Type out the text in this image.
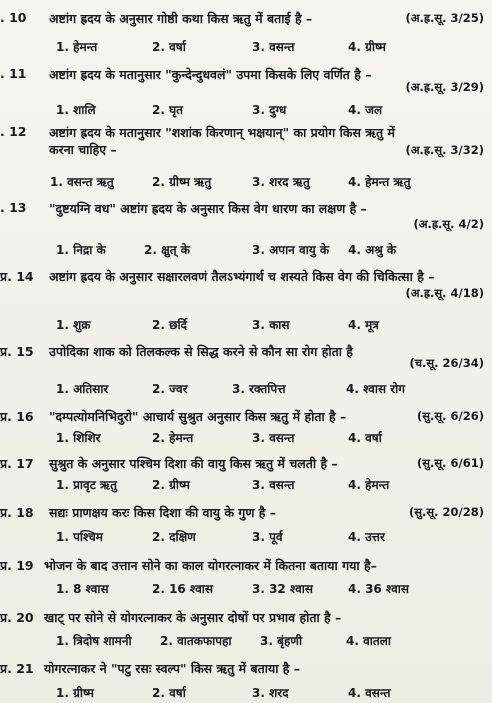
. 10	(अ.ह्र.सू. 3/25)
अष्टांग ह्रदय के अनुसार गोष्ठी कथा किस ऋतु में बताई है –
1. हेमन्त	2. वर्षा	3. वसन्त	4. ग्रीष्म
. 11 अष्टांग ह्रदय के मतानुसार "कुन्देन्दुधवलं" उपमा किसके लिए वर्णित है –
(अ.ह्र.सू. 3/29)
1. शालि	2. घृत	3. दुग्ध	4. जल
. 12 अष्टांग ह्रदय के मतानुसार "शशांक किरणान् भक्षयान्" का प्रयोग किस ऋतु में करना चाहिए –	(अ.ह्र.सू. 3/32)
1. वसन्त ऋतु	2. ग्रीष्म ऋतु	3. शरद ऋतु	4. हेमन्त ऋतु
. 13 "दुष्टयग्नि वध" अष्टांग ह्रदय के अनुसार किस वेग धारण का लक्षण है –
(अ.ह्र.सू. 4/2)
1. निद्रा के	2. क्षुत् के	3. अपान वायु के 4. अश्रु के
प्र. 14 अष्टांग ह्रदय के अनुसार सक्षारलवणं तैलऽभ्यंगार्थ च शस्यते किस वेग की चिकित्सा है –
(अ.ह्र.सू. 4/18)
1. शुक्र	2. छर्दि	3. कास	4. मूत्र
प्र. 15 उपोदिका शाक को तिलकल्क से सिद्ध करने से कौन सा रोग होता है
(च.सू. 26/34)
1. अतिसार	2. ज्वर	3. रक्तपित्त	4. श्वास रोग
प्र. 16	(सु.सू. 6/26)
"दम्पत्योमनिभिदुरो" आचार्य सुश्रुत अनुसार किस ऋतु में होता है –
1. शिशिर	2. हेमन्त	3. वसन्त	4. वर्षा
प्र. 17	(सु.सू. 6/61)
सुश्रुत के अनुसार पश्चिम दिशा की वायु किस ऋतु में चलती है –
1. प्रावृट ऋतु	2. ग्रीष्म	3. वसन्त	4. हेमन्त
प्र. 18	(सु.सू. 20/28)
सद्यः प्राणक्षय करः किस दिशा की वायु के गुण है –
1. पश्चिम	2. दक्षिण	3. पूर्व	4. उत्तर
प्र. 19 भोजन के बाद उत्तान सोने का काल योगरत्नाकर में कितना बताया गया है–
1. 8 श्वास	2. 16 श्वास	3. 32 श्वास	4. 36 श्वास
प्र. 20 खाट् पर सोने से योगरत्नाकर के अनुसार दोषों पर प्रभाव होता है –
1. त्रिदोष शामनी 2. वातकफापहा 3. बृंहणी	4. वातला
प्र. 21 योगरत्नाकर ने "पटु रसः स्वल्प" किस ऋतु में बताया है –
1. ग्रीष्म	2. वर्षा	3. शरद	4. वसन्त
